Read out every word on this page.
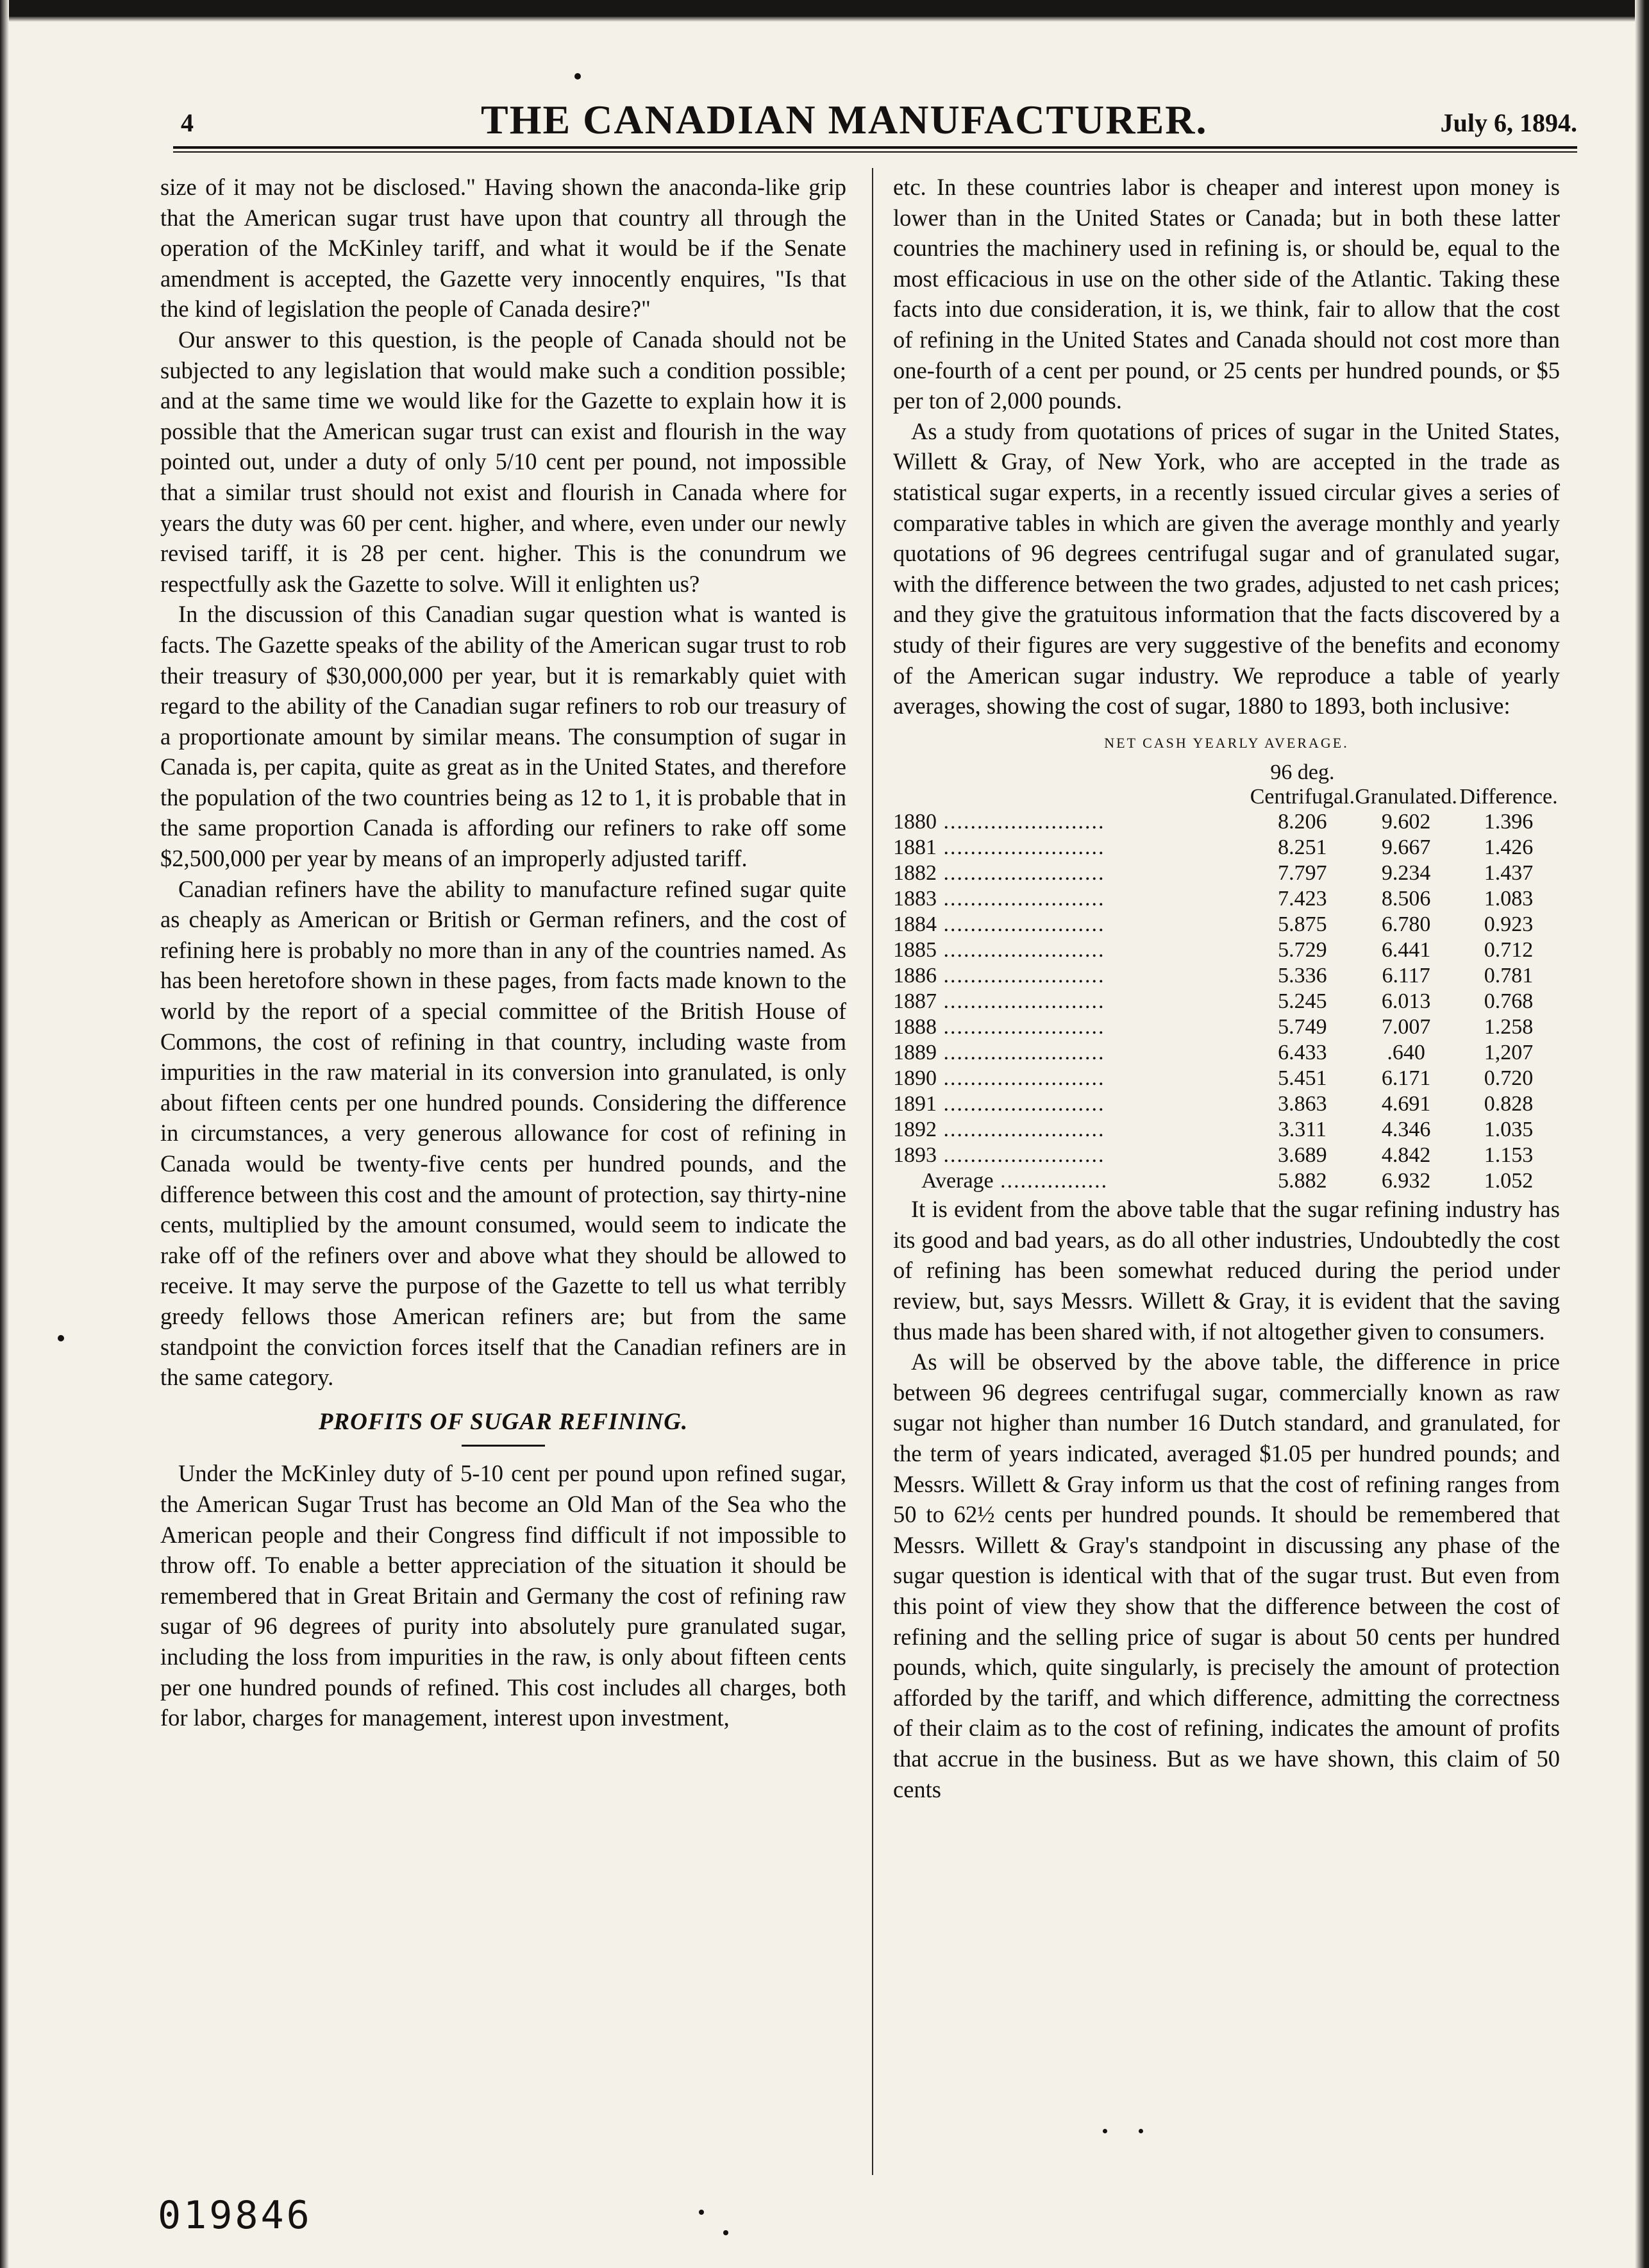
4	THE CANADIAN MANUFACTURER.	July 6, 1894.

size of it may not be disclosed." Having shown the anaconda-like grip that the American sugar trust have upon that country all through the operation of the McKinley tariff, and what it would be if the Senate amendment is accepted, the Gazette very innocently enquires, "Is that the kind of legislation the people of Canada desire?"

Our answer to this question, is the people of Canada should not be subjected to any legislation that would make such a condition possible; and at the same time we would like for the Gazette to explain how it is possible that the American sugar trust can exist and flourish in the way pointed out, under a duty of only 5/10 cent per pound, not impossible that a similar trust should not exist and flourish in Canada where for years the duty was 60 per cent. higher, and where, even under our newly revised tariff, it is 28 per cent. higher. This is the conundrum we respectfully ask the Gazette to solve. Will it enlighten us?

In the discussion of this Canadian sugar question what is wanted is facts. The Gazette speaks of the ability of the American sugar trust to rob their treasury of $30,000,000 per year, but it is remarkably quiet with regard to the ability of the Canadian sugar refiners to rob our treasury of a proportionate amount by similar means. The consumption of sugar in Canada is, per capita, quite as great as in the United States, and therefore the population of the two countries being as 12 to 1, it is probable that in the same proportion Canada is affording our refiners to rake off some $2,500,000 per year by means of an improperly adjusted tariff.

Canadian refiners have the ability to manufacture refined sugar quite as cheaply as American or British or German refiners, and the cost of refining here is probably no more than in any of the countries named. As has been heretofore shown in these pages, from facts made known to the world by the report of a special committee of the British House of Commons, the cost of refining in that country, including waste from impurities in the raw material in its conversion into granulated, is only about fifteen cents per one hundred pounds. Considering the difference in circumstances, a very generous allowance for cost of refining in Canada would be twenty-five cents per hundred pounds, and the difference between this cost and the amount of protection, say thirty-nine cents, multiplied by the amount consumed, would seem to indicate the rake off of the refiners over and above what they should be allowed to receive. It may serve the purpose of the Gazette to tell us what terribly greedy fellows those American refiners are; but from the same standpoint the conviction forces itself that the Canadian refiners are in the same category.

PROFITS OF SUGAR REFINING.

Under the McKinley duty of 5-10 cent per pound upon refined sugar, the American Sugar Trust has become an Old Man of the Sea who the American people and their Congress find difficult if not impossible to throw off. To enable a better appreciation of the situation it should be remembered that in Great Britain and Germany the cost of refining raw sugar of 96 degrees of purity into absolutely pure granulated sugar, including the loss from impurities in the raw, is only about fifteen cents per one hundred pounds of refined. This cost includes all charges, both for labor, charges for management, interest upon investment,

etc. In these countries labor is cheaper and interest upon money is lower than in the United States or Canada; but in both these latter countries the machinery used in refining is, or should be, equal to the most efficacious in use on the other side of the Atlantic. Taking these facts into due consideration, it is, we think, fair to allow that the cost of refining in the United States and Canada should not cost more than one-fourth of a cent per pound, or 25 cents per hundred pounds, or $5 per ton of 2,000 pounds.

As a study from quotations of prices of sugar in the United States, Willett & Gray, of New York, who are accepted in the trade as statistical sugar experts, in a recently issued circular gives a series of comparative tables in which are given the average monthly and yearly quotations of 96 degrees centrifugal sugar and of granulated sugar, with the difference between the two grades, adjusted to net cash prices; and they give the gratuitous information that the facts discovered by a study of their figures are very suggestive of the benefits and economy of the American sugar industry. We reproduce a table of yearly averages, showing the cost of sugar, 1880 to 1893, both inclusive:

NET CASH YEARLY AVERAGE.
	96 deg. Centrifugal.	Granulated.	Difference.
1880 ........................	8.206	9.602	1.396
1881 ........................	8.251	9.667	1.426
1882 ........................	7.797	9.234	1.437
1883 ........................	7.423	8.506	1.083
1884 ........................	5.875	6.780	0.923
1885 ........................	5.729	6.441	0.712
1886 ........................	5.336	6.117	0.781
1887 ........................	5.245	6.013	0.768
1888 ........................	5.749	7.007	1.258
1889 ........................	6.433	.640	1,207
1890 ........................	5.451	6.171	0.720
1891 ........................	3.863	4.691	0.828
1892 ........................	3.311	4.346	1.035
1893 ........................	3.689	4.842	1.153
Average ................	5.882	6.932	1.052

It is evident from the above table that the sugar refining industry has its good and bad years, as do all other industries, Undoubtedly the cost of refining has been somewhat reduced during the period under review, but, says Messrs. Willett & Gray, it is evident that the saving thus made has been shared with, if not altogether given to consumers.

As will be observed by the above table, the difference in price between 96 degrees centrifugal sugar, commercially known as raw sugar not higher than number 16 Dutch standard, and granulated, for the term of years indicated, averaged $1.05 per hundred pounds; and Messrs. Willett & Gray inform us that the cost of refining ranges from 50 to 62½ cents per hundred pounds. It should be remembered that Messrs. Willett & Gray's standpoint in discussing any phase of the sugar question is identical with that of the sugar trust. But even from this point of view they show that the difference between the cost of refining and the selling price of sugar is about 50 cents per hundred pounds, which, quite singularly, is precisely the amount of protection afforded by the tariff, and which difference, admitting the correctness of their claim as to the cost of refining, indicates the amount of profits that accrue in the business. But as we have shown, this claim of 50 cents

019846
